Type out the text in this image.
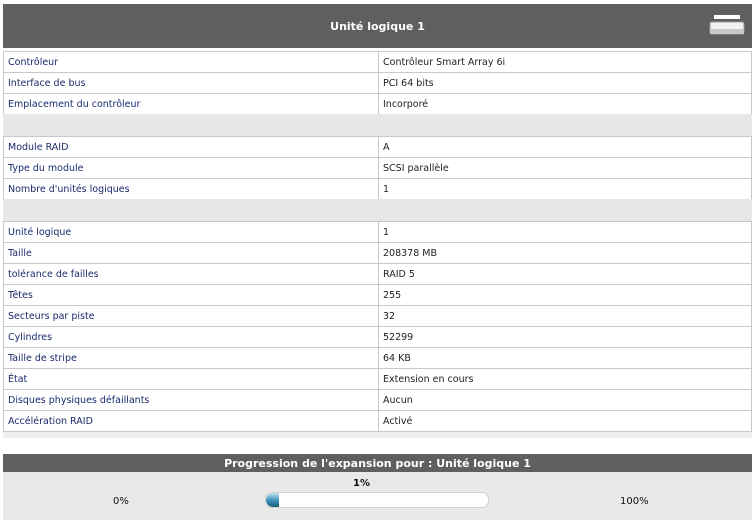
Unité logique 1
Contrôleur	Contrôleur Smart Array 6i
Interface de bus	PCI 64 bits
Emplacement du contrôleur	Incorporé
Module RAID	A
Type du module	SCSI parallèle
Nombre d'unités logiques	1
Unité logique	1
Taille	208378 MB
tolérance de failles	RAID 5
Têtes	255
Secteurs par piste	32
Cylindres	52299
Taille de stripe	64 KB
État	Extension en cours
Disques physiques défaillants	Aucun
Accélération RAID	Activé
Progression de l'expansion pour : Unité logique 1
1%
0%	100%
